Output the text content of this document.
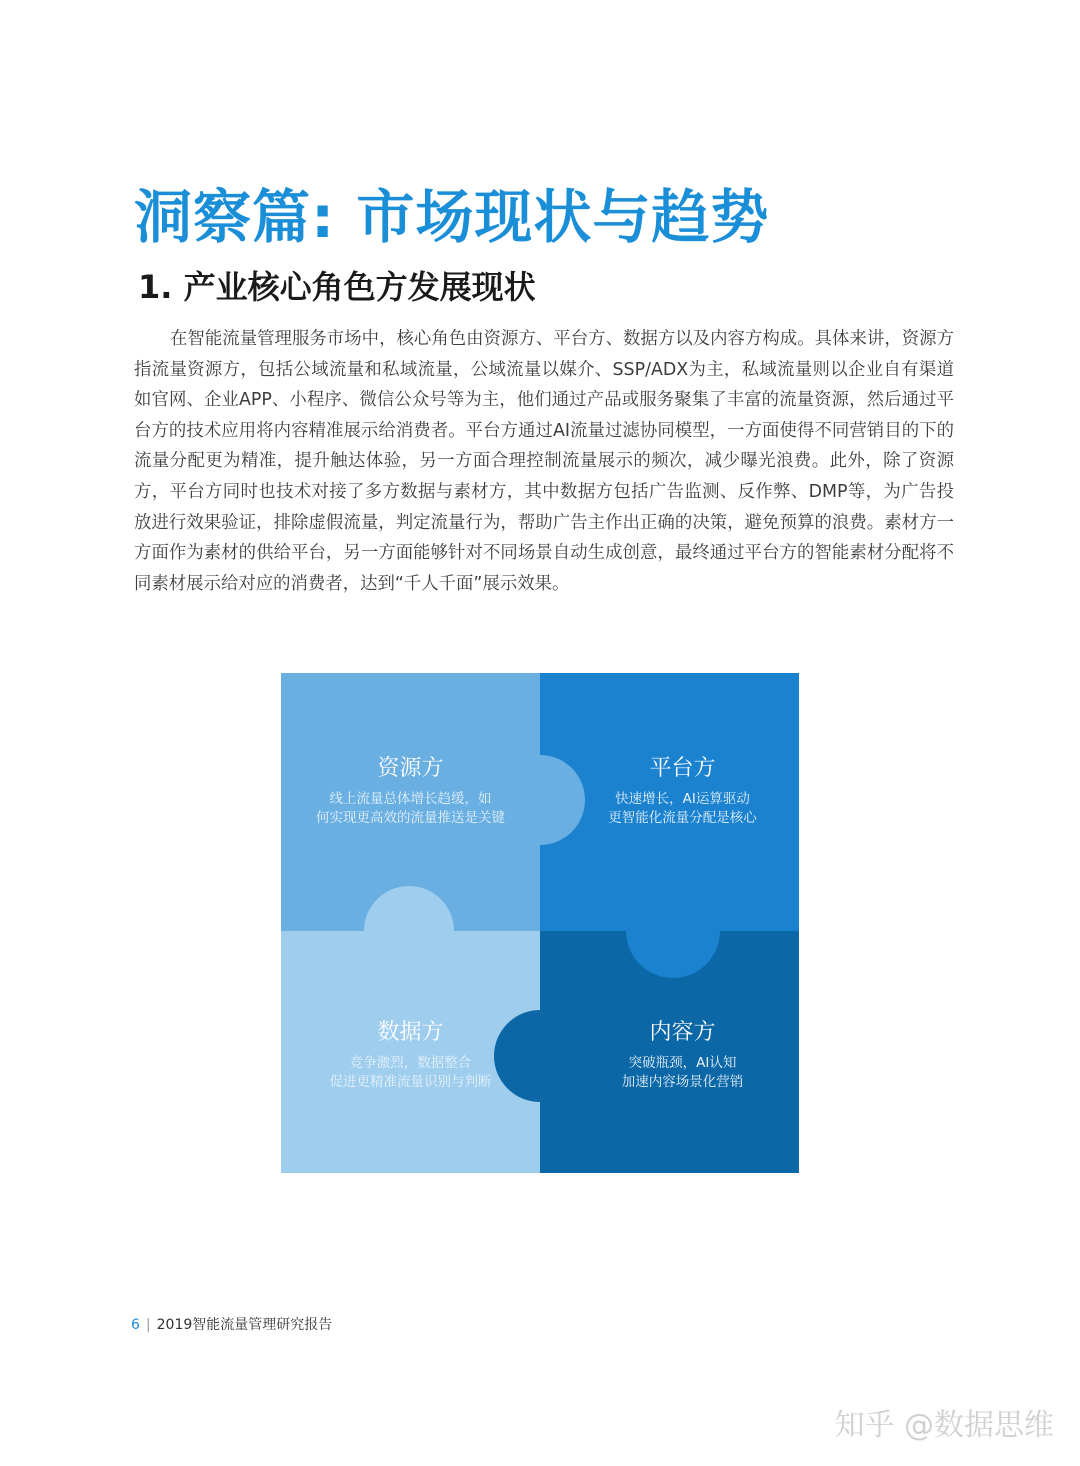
洞察篇: 市场现状与趋势
1. 产业核心角色方发展现状

在智能流量管理服务市场中，核心角色由资源方、平台方、数据方以及内容方构成。具体来讲，资源方指流量资源方，包括公域流量和私域流量，公域流量以媒介、SSP/ADX为主，私域流量则以企业自有渠道如官网、企业APP、小程序、微信公众号等为主，他们通过产品或服务聚集了丰富的流量资源，然后通过平台方的技术应用将内容精准展示给消费者。平台方通过AI流量过滤协同模型，一方面使得不同营销目的下的流量分配更为精准，提升触达体验，另一方面合理控制流量展示的频次，减少曝光浪费。此外，除了资源方，平台方同时也技术对接了多方数据与素材方，其中数据方包括广告监测、反作弊、DMP等，为广告投放进行效果验证，排除虚假流量，判定流量行为，帮助广告主作出正确的决策，避免预算的浪费。素材方一方面作为素材的供给平台，另一方面能够针对不同场景自动生成创意，最终通过平台方的智能素材分配将不同素材展示给对应的消费者，达到“千人千面”展示效果。

资源方
线上流量总体增长趋缓，如
何实现更高效的流量推送是关键
平台方
快速增长，AI运算驱动
更智能化流量分配是核心
数据方
竞争激烈，数据整合
促进更精准流量识别与判断
内容方
突破瓶颈，AI认知
加速内容场景化营销
6 | 2019智能流量管理研究报告
知乎 @数据思维
